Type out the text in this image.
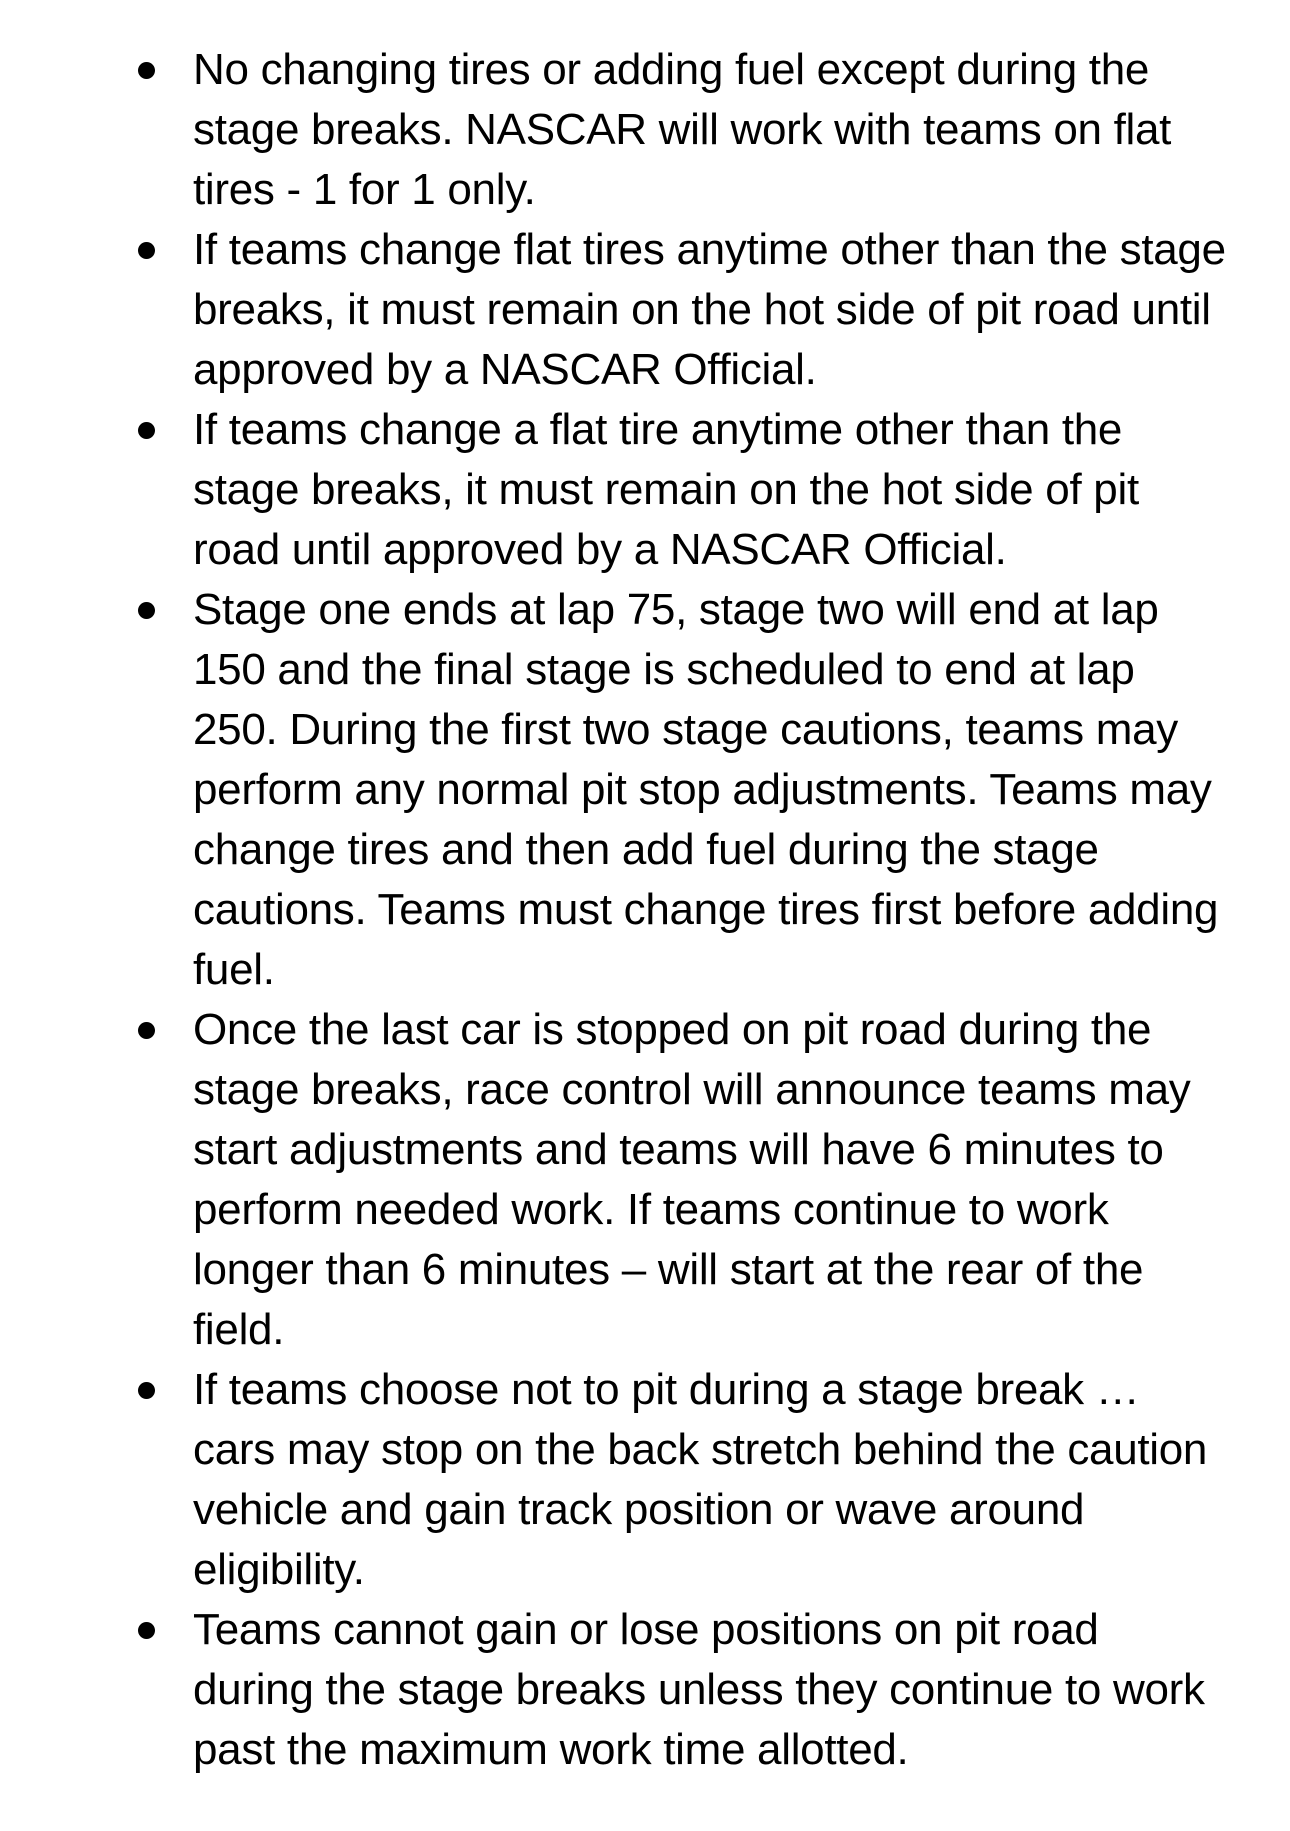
No changing tires or adding fuel except during the stage breaks. NASCAR will work with teams on flat tires - 1 for 1 only.
If teams change flat tires anytime other than the stage breaks, it must remain on the hot side of pit road until approved by a NASCAR Official.
If teams change a flat tire anytime other than the stage breaks, it must remain on the hot side of pit road until approved by a NASCAR Official.
Stage one ends at lap 75, stage two will end at lap 150 and the final stage is scheduled to end at lap 250. During the first two stage cautions, teams may perform any normal pit stop adjustments. Teams may change tires and then add fuel during the stage cautions. Teams must change tires first before adding fuel.
Once the last car is stopped on pit road during the stage breaks, race control will announce teams may start adjustments and teams will have 6 minutes to perform needed work. If teams continue to work longer than 6 minutes – will start at the rear of the field.
If teams choose not to pit during a stage break … cars may stop on the back stretch behind the caution vehicle and gain track position or wave around eligibility.
Teams cannot gain or lose positions on pit road during the stage breaks unless they continue to work past the maximum work time allotted.
